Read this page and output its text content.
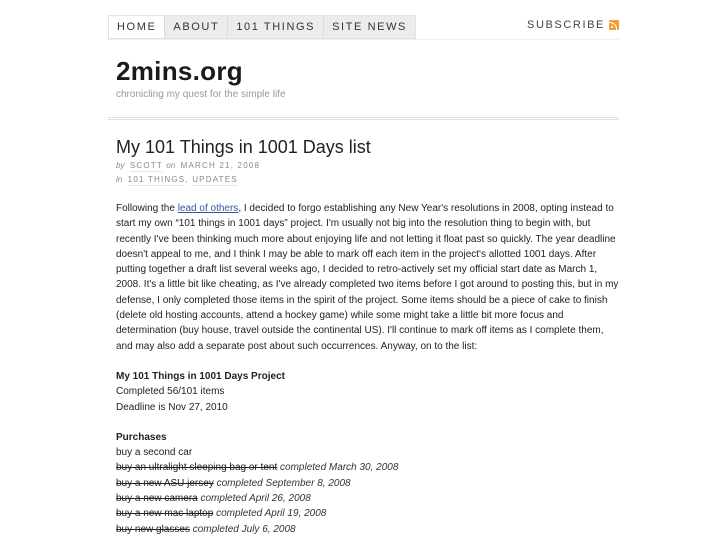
HOME	ABOUT	101 THINGS	SITE NEWS	SUBSCRIBE
2mins.org
chronicling my quest for the simple life
My 101 Things in 1001 Days list
by SCOTT on MARCH 21, 2008
in 101 THINGS, UPDATES

Following the lead of others, I decided to forgo establishing any New Year's resolutions in 2008, opting instead to start my own “101 things in 1001 days” project. I'm usually not big into the resolution thing to begin with, but recently I've been thinking much more about enjoying life and not letting it float past so quickly. The year deadline doesn't appeal to me, and I think I may be able to mark off each item in the project's allotted 1001 days. After putting together a draft list several weeks ago, I decided to retro-actively set my official start date as March 1, 2008. It's a little bit like cheating, as I've already completed two items before I got around to posting this, but in my defense, I only completed those items in the spirit of the project. Some items should be a piece of cake to finish (delete old hosting accounts, attend a hockey game) while some might take a little bit more focus and determination (buy house, travel outside the continental US). I'll continue to mark off items as I complete them, and may also add a separate post about such occurrences. Anyway, on to the list:

My 101 Things in 1001 Days Project
Completed 56/101 items
Deadline is Nov 27, 2010

Purchases
buy a second car
buy an ultralight sleeping bag or tent completed March 30, 2008
buy a new ASU jersey completed September 8, 2008
buy a new camera completed April 26, 2008
buy a new mac laptop completed April 19, 2008
buy new glasses completed July 6, 2008
